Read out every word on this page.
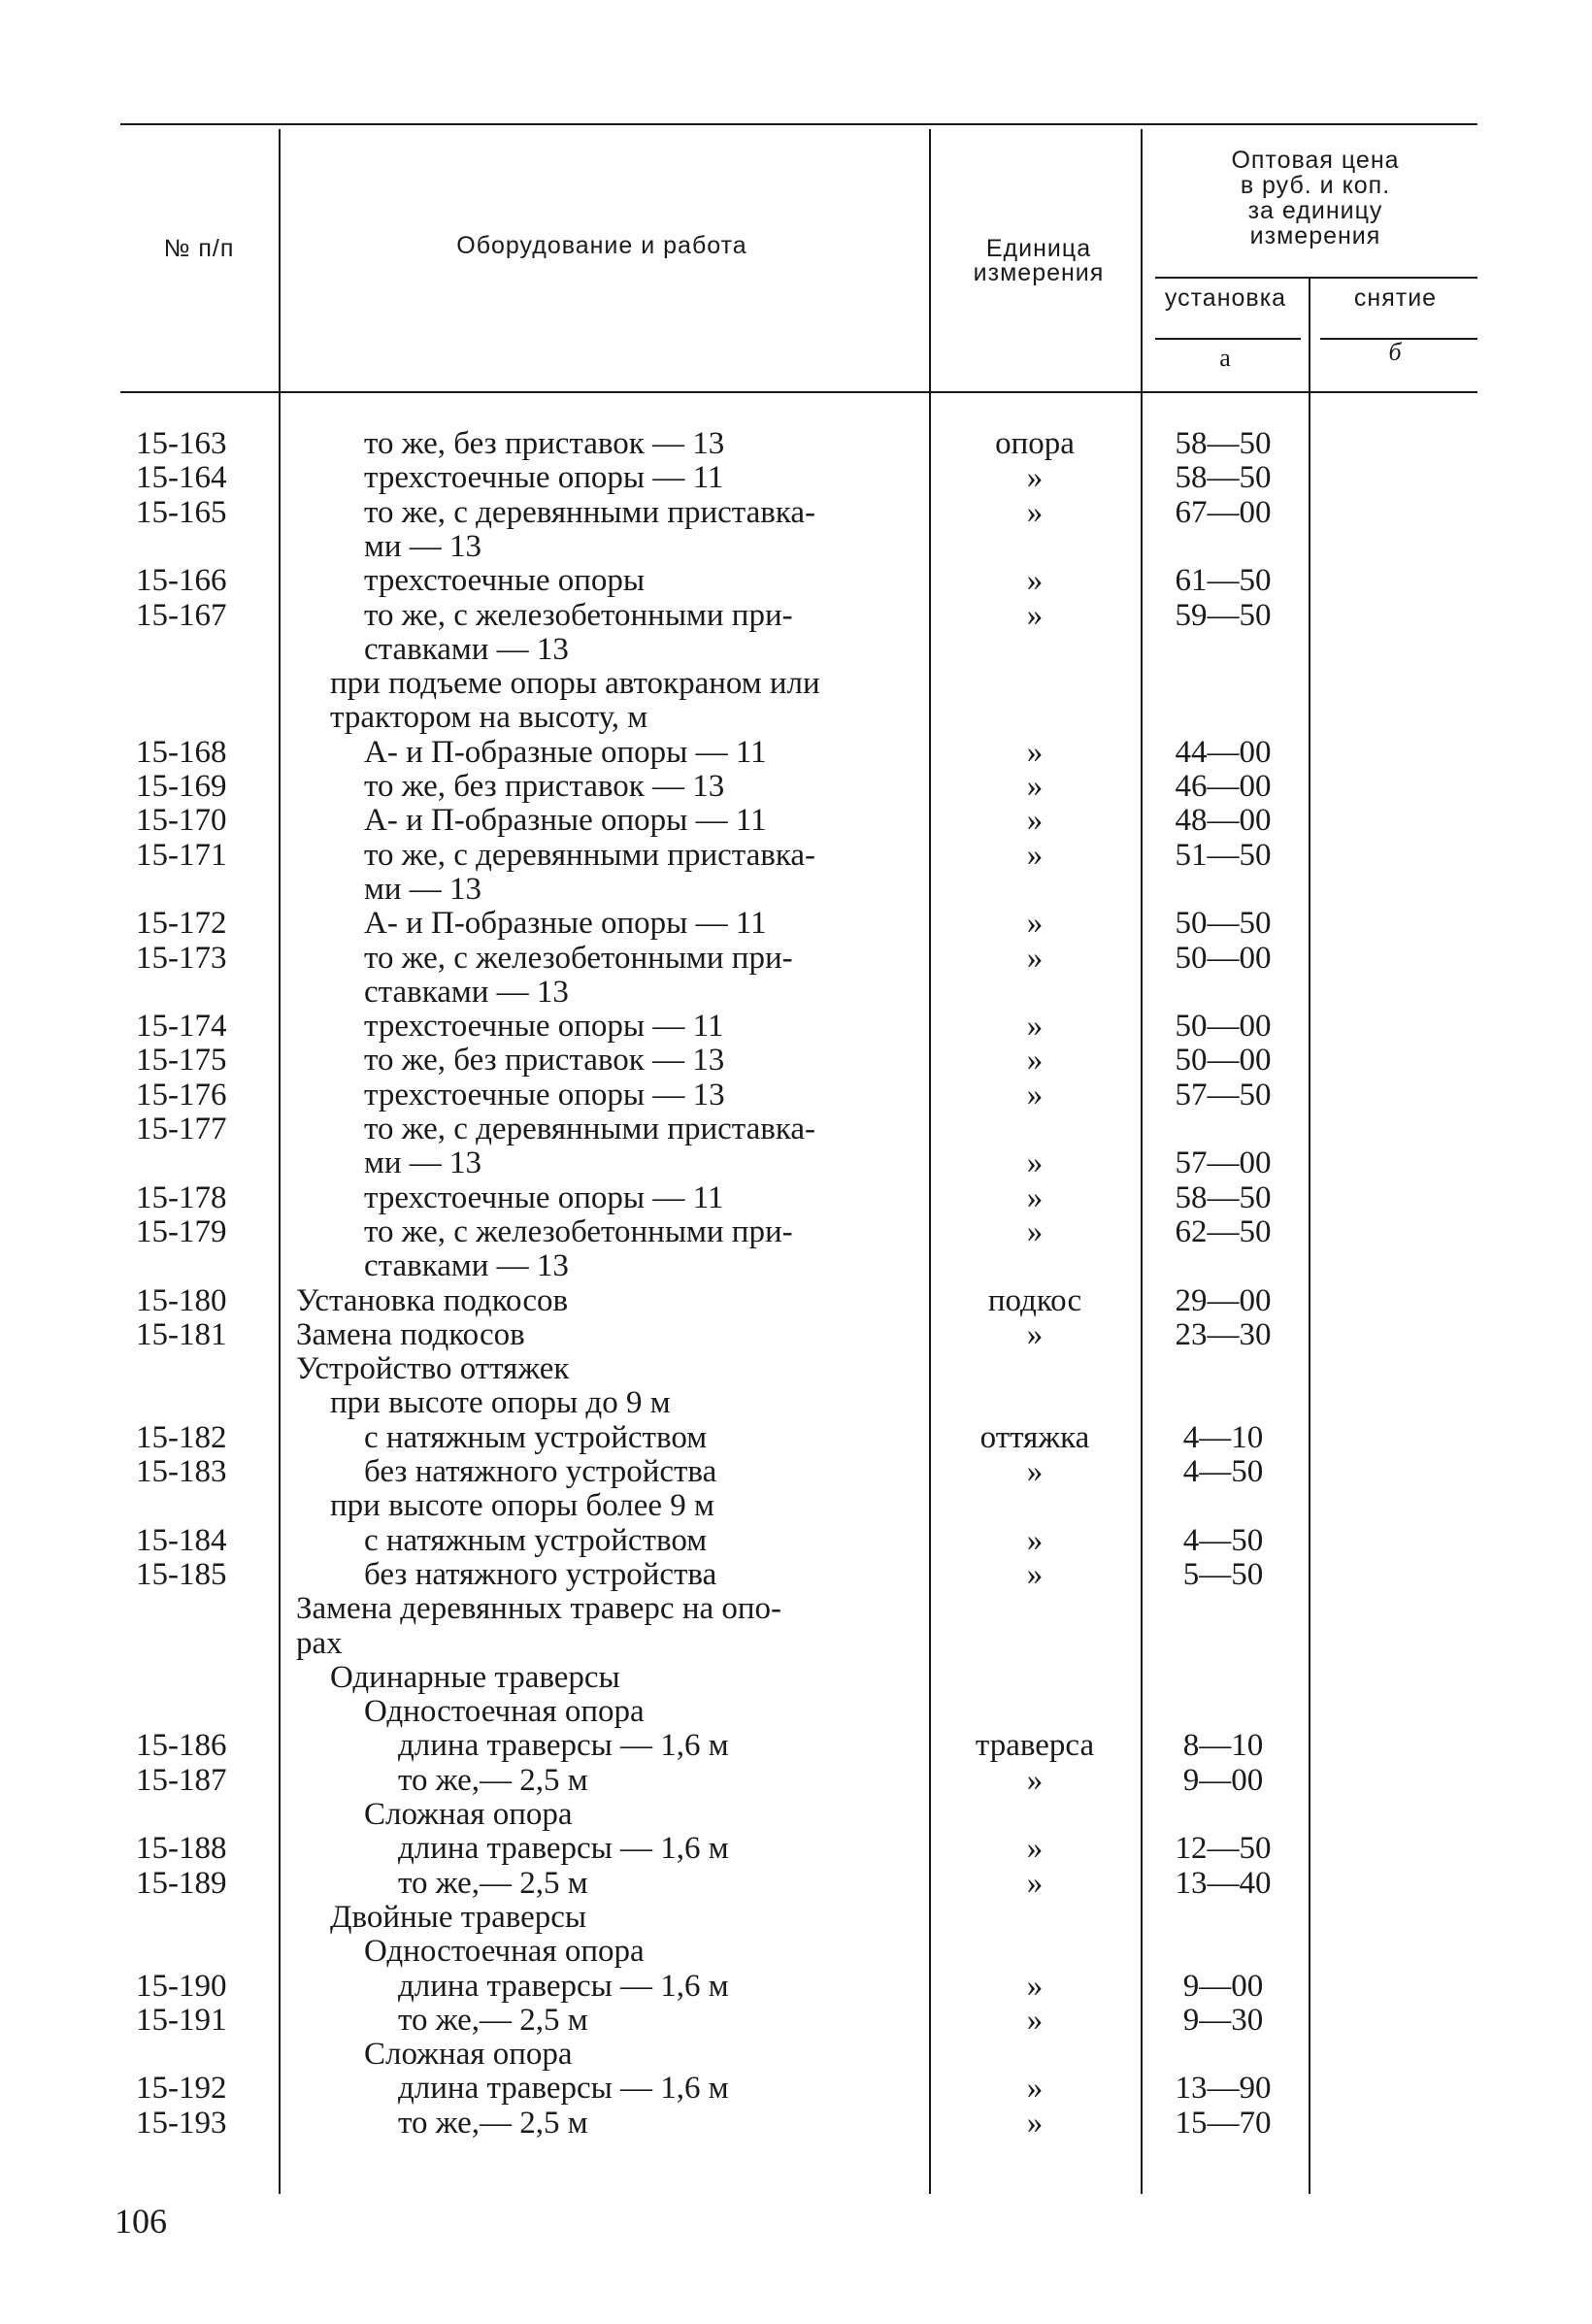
№ п/п	Оборудование и работа	Единица
измерения
Оптовая цена
в руб. и коп.
за единицу
измерения
установка	снятие
а	б
15-163	то же, без приставок — 13	опора	58—50
15-164	трехстоечные опоры — 11	»	58—50
15-165	то же, с деревянными приставка-	»	67—00
ми — 13
15-166	трехстоечные опоры	»	61—50
15-167	то же, с железобетонными при-	»	59—50
ставками — 13
при подъеме опоры автокраном или
трактором на высоту, м
15-168	А- и П-образные опоры — 11	»	44—00
15-169	то же, без приставок — 13	»	46—00
15-170	А- и П-образные опоры — 11	»	48—00
15-171	то же, с деревянными приставка-	»	51—50
ми — 13
15-172	А- и П-образные опоры — 11	»	50—50
15-173	то же, с железобетонными при-	»	50—00
ставками — 13
15-174	трехстоечные опоры — 11	»	50—00
15-175	то же, без приставок — 13	»	50—00
15-176	трехстоечные опоры — 13	»	57—50
15-177	то же, с деревянными приставка-
ми — 13	»	57—00
15-178	трехстоечные опоры — 11	»	58—50
15-179	то же, с железобетонными при-	»	62—50
ставками — 13
15-180 Установка подкосов	подкос	29—00
15-181 Замена подкосов	»	23—30
Устройство оттяжек
при высоте опоры до 9 м
15-182	с натяжным устройством	оттяжка	4—10
15-183	без натяжного устройства	»	4—50
при высоте опоры более 9 м
15-184	с натяжным устройством	»	4—50
15-185	без натяжного устройства	»	5—50
Замена деревянных траверс на опо-
рах
Одинарные траверсы
Одностоечная опора
15-186	длина траверсы — 1,6 м	траверса	8—10
15-187	то же,— 2,5 м	»	9—00
Сложная опора
15-188	длина траверсы — 1,6 м	»	12—50
15-189	то же,— 2,5 м	»	13—40
Двойные траверсы
Одностоечная опора
15-190	длина траверсы — 1,6 м	»	9—00
15-191	то же,— 2,5 м	»	9—30
Сложная опора
15-192	длина траверсы — 1,6 м	»	13—90
15-193	то же,— 2,5 м	»	15—70
106
